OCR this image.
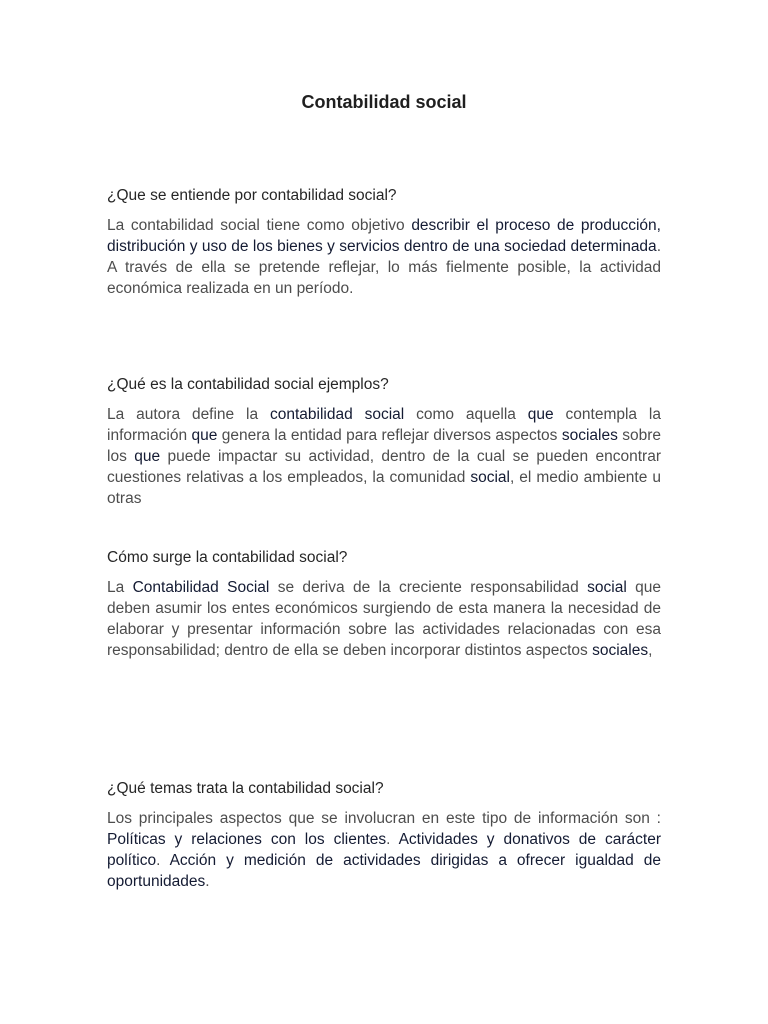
Contabilidad social

¿Que se entiende por contabilidad social?

La contabilidad social tiene como objetivo describir el proceso de producción, distribución y uso de los bienes y servicios dentro de una sociedad determinada. A través de ella se pretende reflejar, lo más fielmente posible, la actividad económica realizada en un período.

¿Qué es la contabilidad social ejemplos?

La autora define la contabilidad social como aquella que contempla la información que genera la entidad para reflejar diversos aspectos sociales sobre los que puede impactar su actividad, dentro de la cual se pueden encontrar cuestiones relativas a los empleados, la comunidad social, el medio ambiente u otras

Cómo surge la contabilidad social?

La Contabilidad Social se deriva de la creciente responsabilidad social que deben asumir los entes económicos surgiendo de esta manera la necesidad de elaborar y presentar información sobre las actividades relacionadas con esa responsabilidad; dentro de ella se deben incorporar distintos aspectos sociales,

¿Qué temas trata la contabilidad social?

Los principales aspectos que se involucran en este tipo de información son : Políticas y relaciones con los clientes. Actividades y donativos de carácter político. Acción y medición de actividades dirigidas a ofrecer igualdad de oportunidades.
